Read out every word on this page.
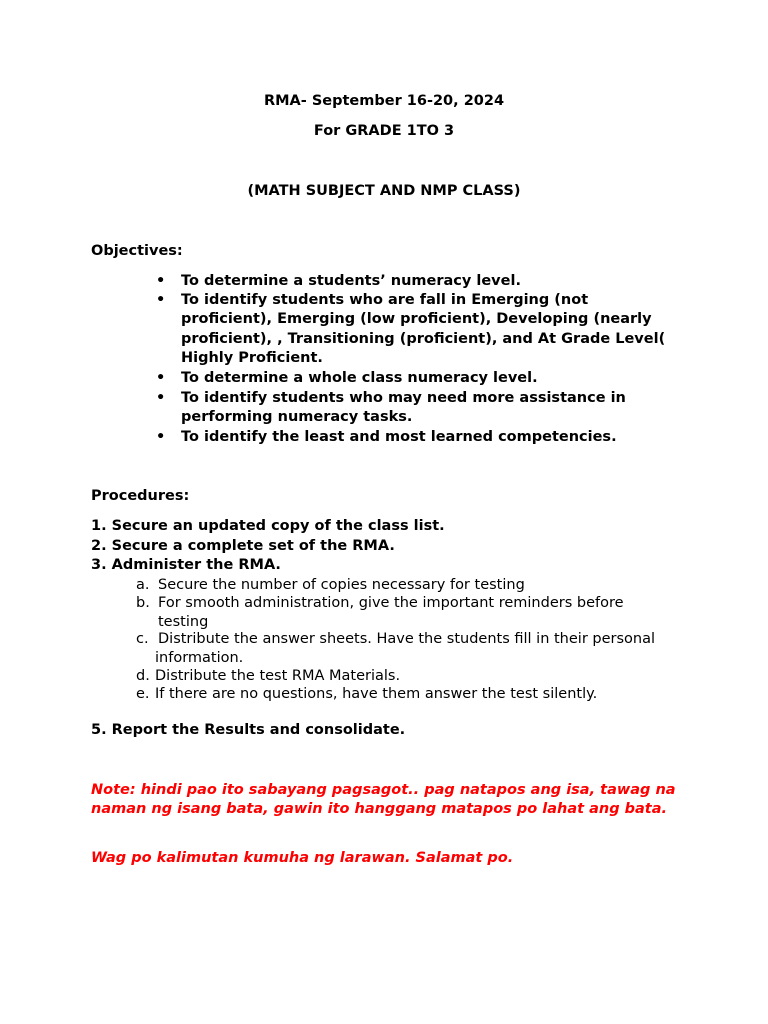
RMA- September 16-20, 2024
For GRADE 1TO 3
(MATH SUBJECT AND NMP CLASS)
Objectives:
• To determine a students’ numeracy level.
• To identify students who are fall in Emerging (not proficient), Emerging (low proficient), Developing (nearly proficient), , Transitioning (proficient), and At Grade Level( Highly Proficient.
• To determine a whole class numeracy level.
• To identify students who may need more assistance in performing numeracy tasks.
• To identify the least and most learned competencies.
Procedures:
1. Secure an updated copy of the class list.
2. Secure a complete set of the RMA.
3. Administer the RMA.
a. Secure the number of copies necessary for testing
b. For smooth administration, give the important reminders before testing
c. Distribute the answer sheets. Have the students fill in their personal information.
d. Distribute the test RMA Materials.
e. If there are no questions, have them answer the test silently.
5. Report the Results and consolidate.
Note: hindi pao ito sabayang pagsagot.. pag natapos ang isa, tawag na naman ng isang bata, gawin ito hanggang matapos po lahat ang bata.
Wag po kalimutan kumuha ng larawan. Salamat po.
